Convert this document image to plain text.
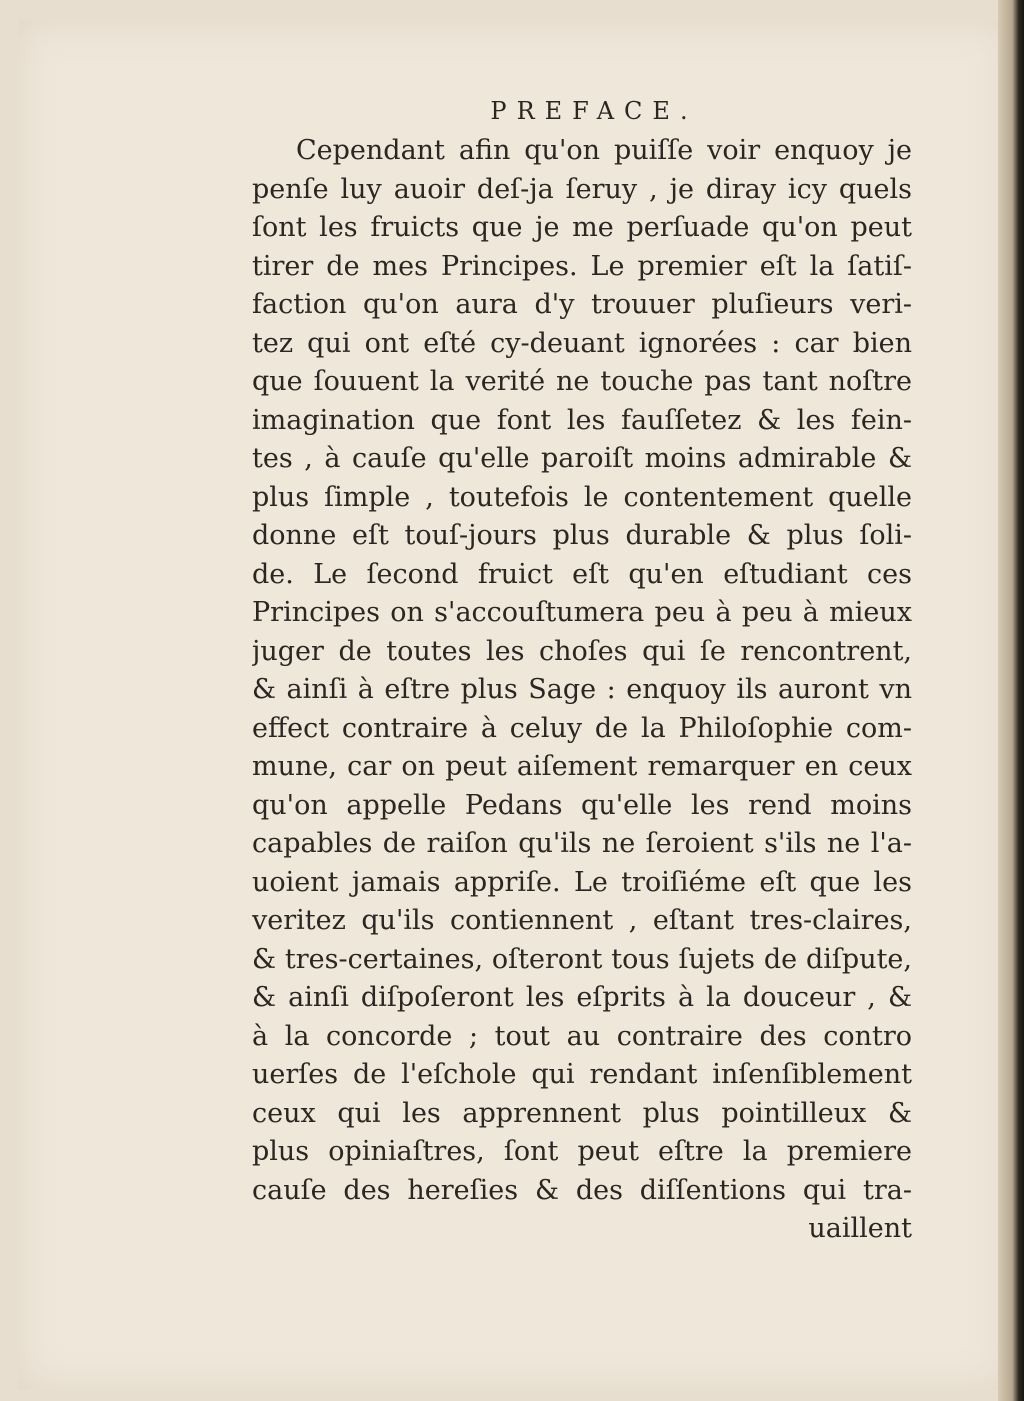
PREFACE.
Cependant afin qu'on puiſſe voir enquoy je
penſe luy auoir deſ-ja ſeruy , je diray icy quels
ſont les fruicts que je me perſuade qu'on peut
tirer de mes Principes. Le premier eſt la ſatiſ-
faction qu'on aura d'y trouuer pluſieurs veri-
tez qui ont eſté cy-deuant ignorées : car bien
que ſouuent la verité ne touche pas tant noſtre
imagination que font les fauſſetez & les fein-
tes , à cauſe qu'elle paroiſt moins admirable &
plus ſimple , toutefois le contentement quelle
donne eſt touſ-jours plus durable & plus ſoli-
de. Le ſecond fruict eſt qu'en eſtudiant ces
Principes on s'accouſtumera peu à peu à mieux
juger de toutes les choſes qui ſe rencontrent,
& ainſi à eſtre plus Sage : enquoy ils auront vn
effect contraire à celuy de la Philoſophie com-
mune, car on peut aiſement remarquer en ceux
qu'on appelle Pedans qu'elle les rend moins
capables de raiſon qu'ils ne ſeroient s'ils ne l'a-
uoient jamais appriſe. Le troiſiéme eſt que les
veritez qu'ils contiennent , eſtant tres-claires,
& tres-certaines, oſteront tous ſujets de diſpute,
& ainſi diſpoſeront les eſprits à la douceur , &
à la concorde ; tout au contraire des contro
uerſes de l'eſchole qui rendant inſenſiblement
ceux qui les apprennent plus pointilleux &
plus opiniaſtres, ſont peut eſtre la premiere
cauſe des hereſies & des diſſentions qui tra-
uaillent
